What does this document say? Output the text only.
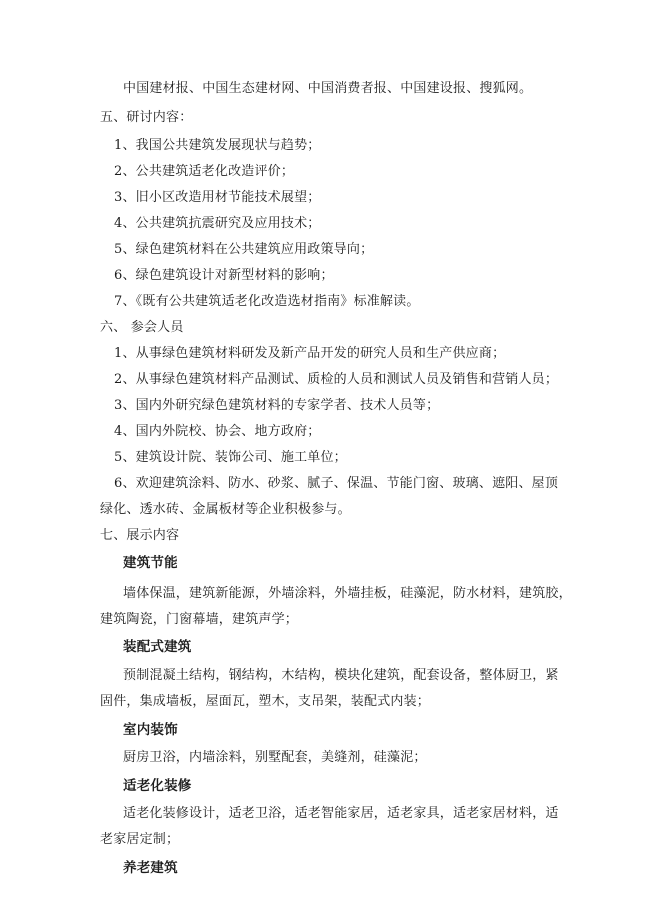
中国建材报、中国生态建材网、中国消费者报、中国建设报、搜狐网。
五、研讨内容：
1、我国公共建筑发展现状与趋势；
2、公共建筑适老化改造评价；
3、旧小区改造用材节能技术展望；
4、公共建筑抗震研究及应用技术；
5、绿色建筑材料在公共建筑应用政策导向；
6、绿色建筑设计对新型材料的影响；
7、《既有公共建筑适老化改造选材指南》标准解读。
六、 参会人员
1、从事绿色建筑材料研发及新产品开发的研究人员和生产供应商；
2、从事绿色建筑材料产品测试、质检的人员和测试人员及销售和营销人员；
3、国内外研究绿色建筑材料的专家学者、技术人员等；
4、国内外院校、协会、地方政府；
5、建筑设计院、装饰公司、施工单位；
6、欢迎建筑涂料、防水、砂浆、腻子、保温、节能门窗、玻璃、遮阳、屋顶
绿化、透水砖、金属板材等企业积极参与。
七、展示内容
建筑节能
墙体保温，建筑新能源，外墙涂料，外墙挂板，硅藻泥，防水材料，建筑胶，
建筑陶瓷，门窗幕墙，建筑声学；
装配式建筑
预制混凝土结构，钢结构，木结构，模块化建筑，配套设备，整体厨卫，紧
固件，集成墙板，屋面瓦，塑木，支吊架，装配式内装；
室内装饰
厨房卫浴，内墙涂料，别墅配套，美缝剂，硅藻泥；
适老化装修
适老化装修设计，适老卫浴，适老智能家居，适老家具，适老家居材料，适
老家居定制；
养老建筑
